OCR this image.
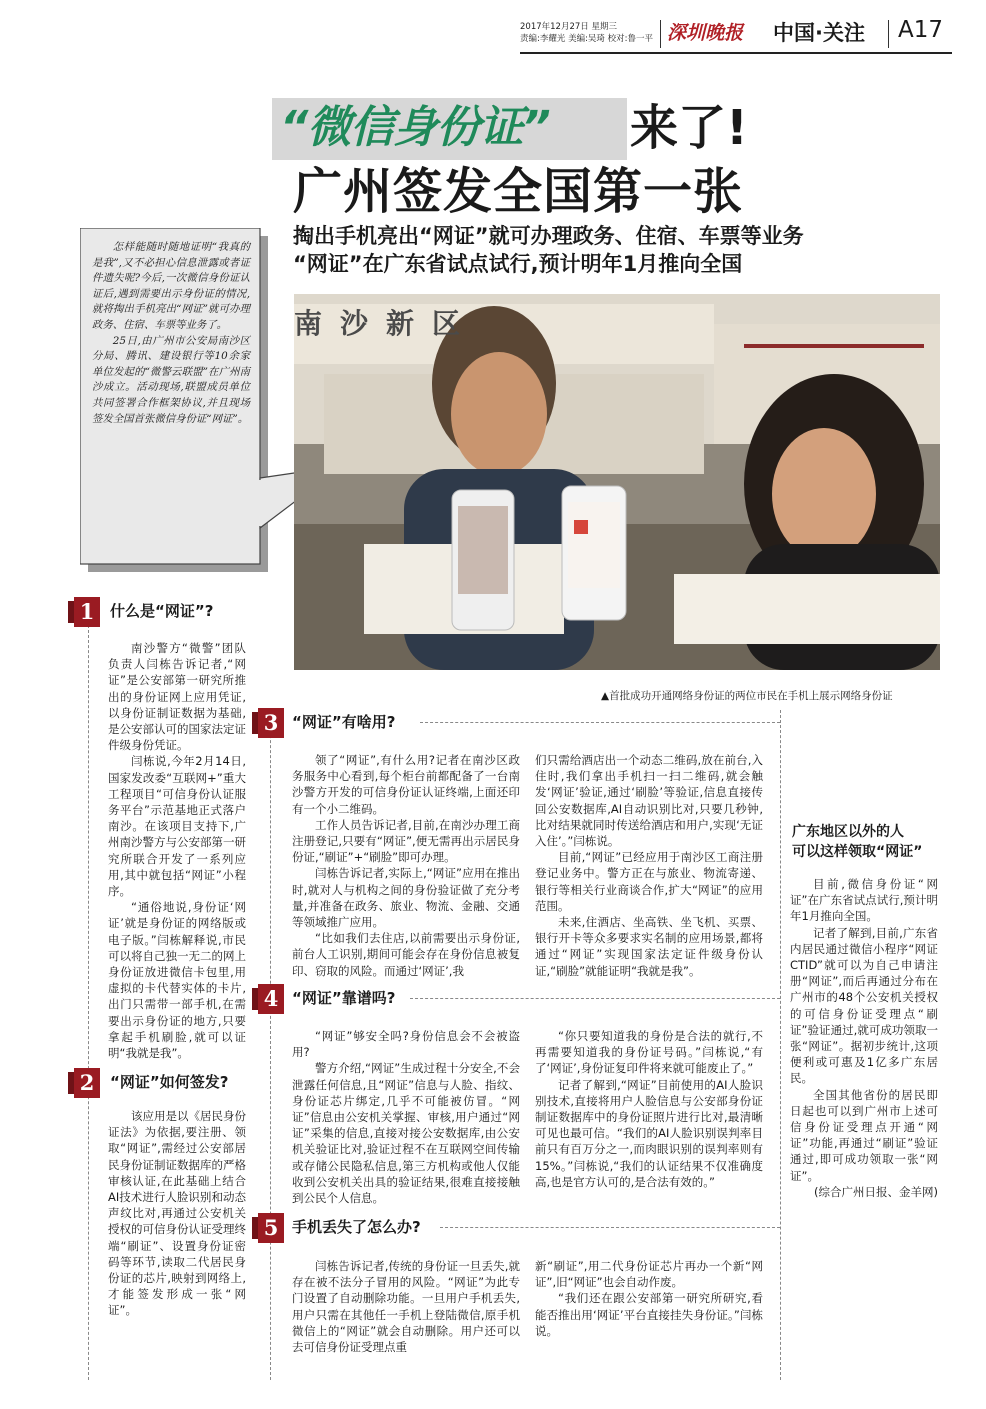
2017年12月27日 星期三
责编:李耀光 美编:吴琦 校对:鲁一平 深圳晚报 中国·关注 A17
“微信身份证” 来了!
广州签发全国第一张
掏出手机亮出“网证”就可办理政务、住宿、车票等业务
“网证”在广东省试点试行,预计明年1月推向全国

怎样能随时随地证明“我真的是我”,又不必担心信息泄露或者证件遗失呢?今后,一次微信身份证认证后,遇到需要出示身份证的情况,就将掏出手机亮出“网证”就可办理政务、住宿、车票等业务了。

25日,由广州市公安局南沙区分局、腾讯、建设银行等10余家单位发起的“微警云联盟”在广州南沙成立。活动现场,联盟成员单位共同签署合作框架协议,并且现场签发全国首张微信身份证“网证”。

南沙新区
▲首批成功开通网络身份证的两位市民在手机上展示网络身份证
1	什么是“网证”?

南沙警方“微警”团队负责人闫栋告诉记者,“网证”是公安部第一研究所推出的身份证网上应用凭证,以身份证制证数据为基础,是公安部认可的国家法定证件级身份凭证。

闫栋说,今年2月14日,国家发改委“互联网+”重大工程项目“可信身份认证服务平台”示范基地正式落户南沙。在该项目支持下,广州南沙警方与公安部第一研究所联合开发了一系列应用,其中就包括“网证”小程序。

“通俗地说,身份证‘网证’就是身份证的网络版或电子版。”闫栋解释说,市民可以将自己独一无二的网上身份证放进微信卡包里,用虚拟的卡代替实体的卡片,出门只需带一部手机,在需要出示身份证的地方,只要拿起手机刷脸,就可以证明“我就是我”。

2	“网证”如何签发?

该应用是以《居民身份证法》为依据,要注册、领取“网证”,需经过公安部居民身份证制证数据库的严格审核认证,在此基础上结合AI技术进行人脸识别和动态声纹比对,再通过公安机关授权的可信身份认证受理终端“刷证”、设置身份证密码等环节,读取二代居民身份证的芯片,映射到网络上,才能签发形成一张“网证”。

3 “网证”有啥用?

领了“网证”,有什么用?记者在南沙区政务服务中心看到,每个柜台前都配备了一台南沙警方开发的可信身份证认证终端,上面还印有一个小二维码。

工作人员告诉记者,目前,在南沙办理工商注册登记,只要有“网证”,便无需再出示居民身份证,“刷证”+“刷脸”即可办理。

闫栋告诉记者,实际上,“网证”应用在推出时,就对人与机构之间的身份验证做了充分考量,并准备在政务、旅业、物流、金融、交通等领域推广应用。

“比如我们去住店,以前需要出示身份证,前台人工识别,期间可能会存在身份信息被复印、窃取的风险。而通过‘网证’,我

们只需给酒店出一个动态二维码,放在前台,入住时,我们拿出手机扫一扫二维码,就会触发‘网证’验证,通过‘刷脸’等验证,信息直接传回公安数据库,AI自动识别比对,只要几秒钟,比对结果就同时传送给酒店和用户,实现‘无证入住’。”闫栋说。

目前,“网证”已经应用于南沙区工商注册登记业务中。警方正在与旅业、物流寄递、银行等相关行业商谈合作,扩大“网证”的应用范围。

未来,住酒店、坐高铁、坐飞机、买票、银行开卡等众多要求实名制的应用场景,都将通过“网证”实现国家法定证件级身份认证,“刷脸”就能证明“我就是我”。

4 “网证”靠谱吗?

“网证”够安全吗?身份信息会不会被盗用?

警方介绍,“网证”生成过程十分安全,不会泄露任何信息,且“网证”信息与人脸、指纹、身份证芯片绑定,几乎不可能被仿冒。“网证”信息由公安机关掌握、审核,用户通过“网证”采集的信息,直接对接公安数据库,由公安机关验证比对,验证过程不在互联网空间传输或存储公民隐私信息,第三方机构或他人仅能收到公安机关出具的验证结果,很难直接接触到公民个人信息。

“你只要知道我的身份是合法的就行,不再需要知道我的身份证号码。”闫栋说,“有了‘网证’,身份证复印件将来就可能废止了。”

记者了解到,“网证”目前使用的AI人脸识别技术,直接将用户人脸信息与公安部身份证制证数据库中的身份证照片进行比对,最清晰可见也最可信。“我们的AI人脸识别误判率目前只有百万分之一,而肉眼识别的误判率则有15%。”闫栋说,“我们的认证结果不仅准确度高,也是官方认可的,是合法有效的。”

5 手机丢失了怎么办?

闫栋告诉记者,传统的身份证一旦丢失,就存在被不法分子冒用的风险。“网证”为此专门设置了自动删除功能。一旦用户手机丢失,用户只需在其他任一手机上登陆微信,原手机微信上的“网证”就会自动删除。用户还可以去可信身份证受理点重

新“刷证”,用二代身份证芯片再办一个新“网证”,旧“网证”也会自动作废。

“我们还在跟公安部第一研究所研究,看能否推出用‘网证’平台直接挂失身份证。”闫栋说。

广东地区以外的人
可以这样领取“网证”

目前,微信身份证“网证”在广东省试点试行,预计明年1月推向全国。

记者了解到,目前,广东省内居民通过微信小程序“网证CTID”就可以为自己申请注册“网证”,而后再通过分布在广州市的48个公安机关授权的可信身份证受理点“刷证”验证通过,就可成功领取一张“网证”。据初步统计,这项便利或可惠及1亿多广东居民。

全国其他省份的居民即日起也可以到广州市上述可信身份证受理点开通“网证”功能,再通过“刷证”验证通过,即可成功领取一张“网证”。

(综合广州日报、金羊网)
